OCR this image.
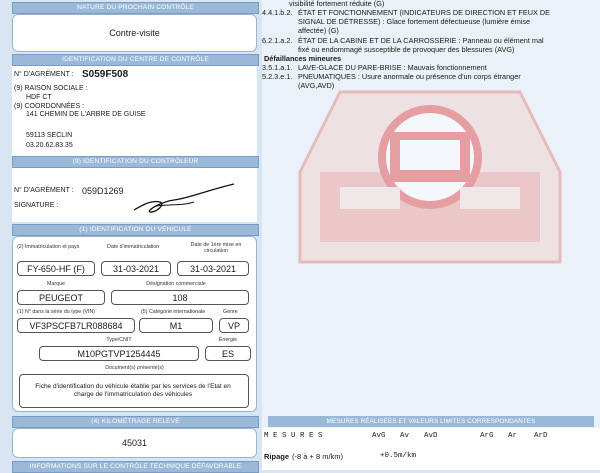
NATURE DU PROCHAIN CONTRÔLE
Contre-visite
IDENTIFICATION DU CENTRE DE CONTRÔLE
N° D'AGRÉMENT : S059F508
(9) RAISON SOCIALE :
HDF CT
(9) COORDONNÉES :
141 CHEMIN DE L'ARBRE DE GUISE
59113 SECLIN
03.20.62.83.35
(9) IDENTIFICATION DU CONTRÔLEUR
N° D'AGRÉMENT : 059D1269
SIGNATURE :
(1) IDENTIFICATION DU VÉHICULE
(2) Immatriculation et pays	Date d'immatriculation	Date de 1ère mise en circulation
FY-650-HF (F)	31-03-2021	31-03-2021
Marque	Désignation commerciale
PEUGEOT	108
(1) N° dans la série du type (VIN)	(5) Catégorie internationale	Genre
VF3PSCFB7LR088684	M1	VP
Type/CNIT	Énergie
M10PGTVP1254445	ES
Document(s) présenté(s)
Fiche d'identification du véhicule établie par les services de l'Etat en charge de l'immatriculation des véhicules
(4) KILOMÉTRAGE RELEVÉ
45031
INFORMATIONS SUR LE CONTRÔLE TECHNIQUE DÉFAVORABLE
visibilité fortement réduite (G)
4.4.1.b.2. ÉTAT ET FONCTIONNEMENT (INDICATEURS DE DIRECTION ET FEUX DE
SIGNAL DE DÉTRESSE) : Glace fortement défectueuse (lumière émise
affectée) (G)
6.2.1.a.2. ÉTAT DE LA CABINE ET DE LA CARROSSERIE : Panneau ou élément mal
fixé ou endommagé susceptible de provoquer des blessures (AVG)
Défaillances mineures
3.5.1.a.1. LAVE-GLACE DU PARE-BRISE : Mauvais fonctionnement
5.2.3.e.1. PNEUMATIQUES : Usure anormale ou présence d'un corps étranger
(AVG,AVD)
MESURES RÉALISÉES ET VALEURS LIMITES CORRESPONDANTES
M E S U R E S	AvG Av AvD	ArG Ar ArD
Ripage (-8 à + 8 m/km)	+0.5m/km
